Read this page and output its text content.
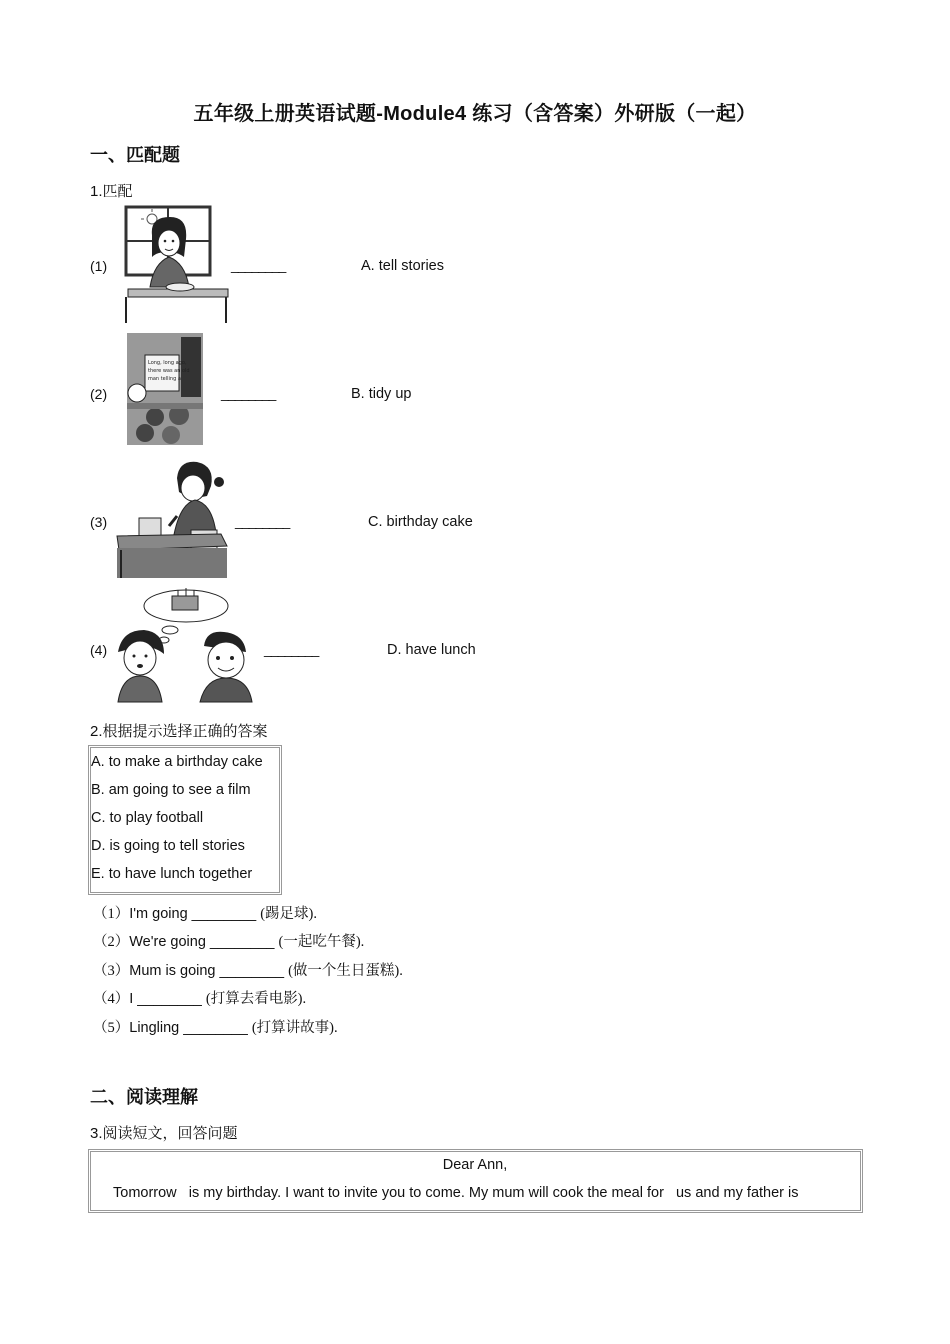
五年级上册英语试题-Module4 练习（含答案）外研版（一起）
一、匹配题
1.匹配
(1)	________	A. tell stories
Long, long ago,
there was an old
man telling a
(2)	________	B. tidy up
(3)	________	C. birthday cake
(4)	________	D. have lunch
2.根据提示选择正确的答案
A. to make a birthday cake
B. am going to see a film
C. to play football
D. is going to tell stories
E. to have lunch together
（1）I'm going ________ (踢足球).
（2）We're going ________ (一起吃午餐).
（3）Mum is going ________ (做一个生日蛋糕).
（4）I ________ (打算去看电影).
（5）Lingling ________ (打算讲故事).
二、阅读理解
3.阅读短文，回答问题
Dear Ann,
Tomorrow   is my birthday. I want to invite you to come. My mum will cook the meal for   us and my father is
